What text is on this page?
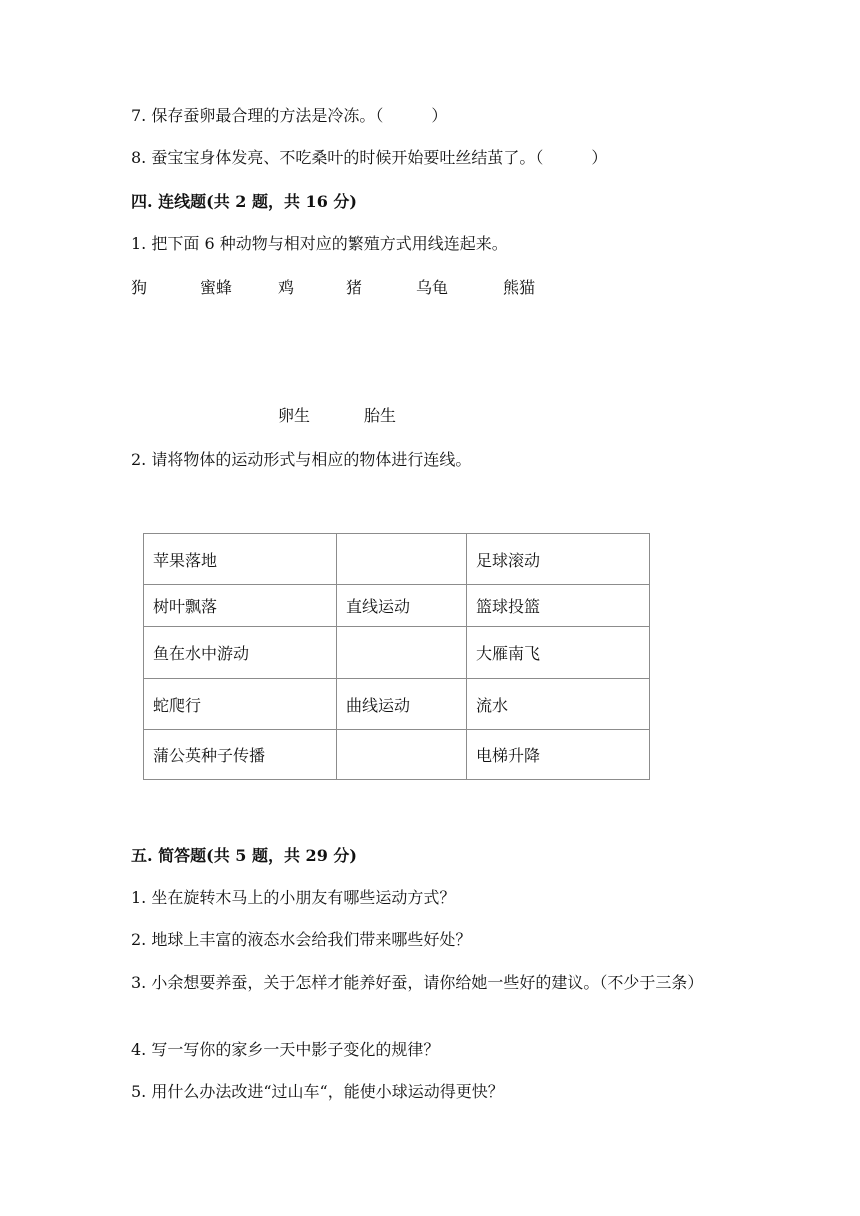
7. 保存蚕卵最合理的方法是冷冻。（　　　）
8. 蚕宝宝身体发亮、不吃桑叶的时候开始要吐丝结茧了。（　　　）
四. 连线题(共 2 题，共 16 分)
1. 把下面 6 种动物与相对应的繁殖方式用线连起来。
狗	蜜蜂	鸡	猪	乌龟	熊猫
卵生	胎生
2. 请将物体的运动形式与相应的物体进行连线。
苹果落地		足球滚动
树叶飘落	直线运动	篮球投篮
鱼在水中游动		大雁南飞
蛇爬行	曲线运动	流水
蒲公英种子传播		电梯升降
五. 简答题(共 5 题，共 29 分)
1. 坐在旋转木马上的小朋友有哪些运动方式？
2. 地球上丰富的液态水会给我们带来哪些好处？
3. 小余想要养蚕，关于怎样才能养好蚕，请你给她一些好的建议。（不少于三条）
4. 写一写你的家乡一天中影子变化的规律？
5. 用什么办法改进“过山车“，能使小球运动得更快？
